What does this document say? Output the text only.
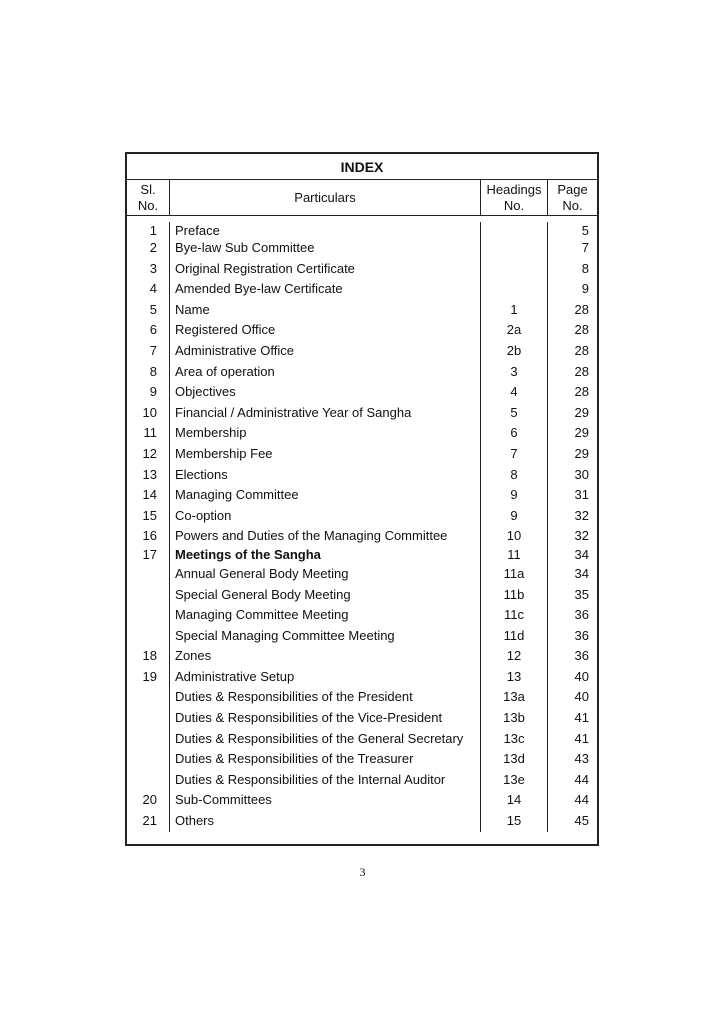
INDEX
Sl.
No.
Particulars
Headings
No.
Page
No.
1
2
3
4
5
6
7
8
9
10
11
12
13
14
15
16
17
18
19
20
21
Preface
Bye-law Sub Committee
Original Registration Certificate
Amended Bye-law Certificate
Name
Registered Office
Administrative Office
Area of operation
Objectives
Financial / Administrative Year of Sangha
Membership
Membership Fee
Elections
Managing Committee
Co-option
Powers and Duties of the Managing Committee
Meetings of the Sangha
Annual General Body Meeting
Special General Body Meeting
Managing Committee Meeting
Special Managing Committee Meeting
Zones
Administrative Setup
Duties & Responsibilities of the President
Duties & Responsibilities of the Vice-President
Duties & Responsibilities of the General Secretary
Duties & Responsibilities of the Treasurer
Duties & Responsibilities of the Internal Auditor
Sub-Committees
Others
1
2a
2b
3
4
5
6
7
8
9
9
10
11
11a
11b
11c
11d
12
13
13a
13b
13c
13d
13e
14
15
5
7
8
9
28
28
28
28
28
29
29
29
30
31
32
32
34
34
35
36
36
36
40
40
41
41
43
44
44
45
3
